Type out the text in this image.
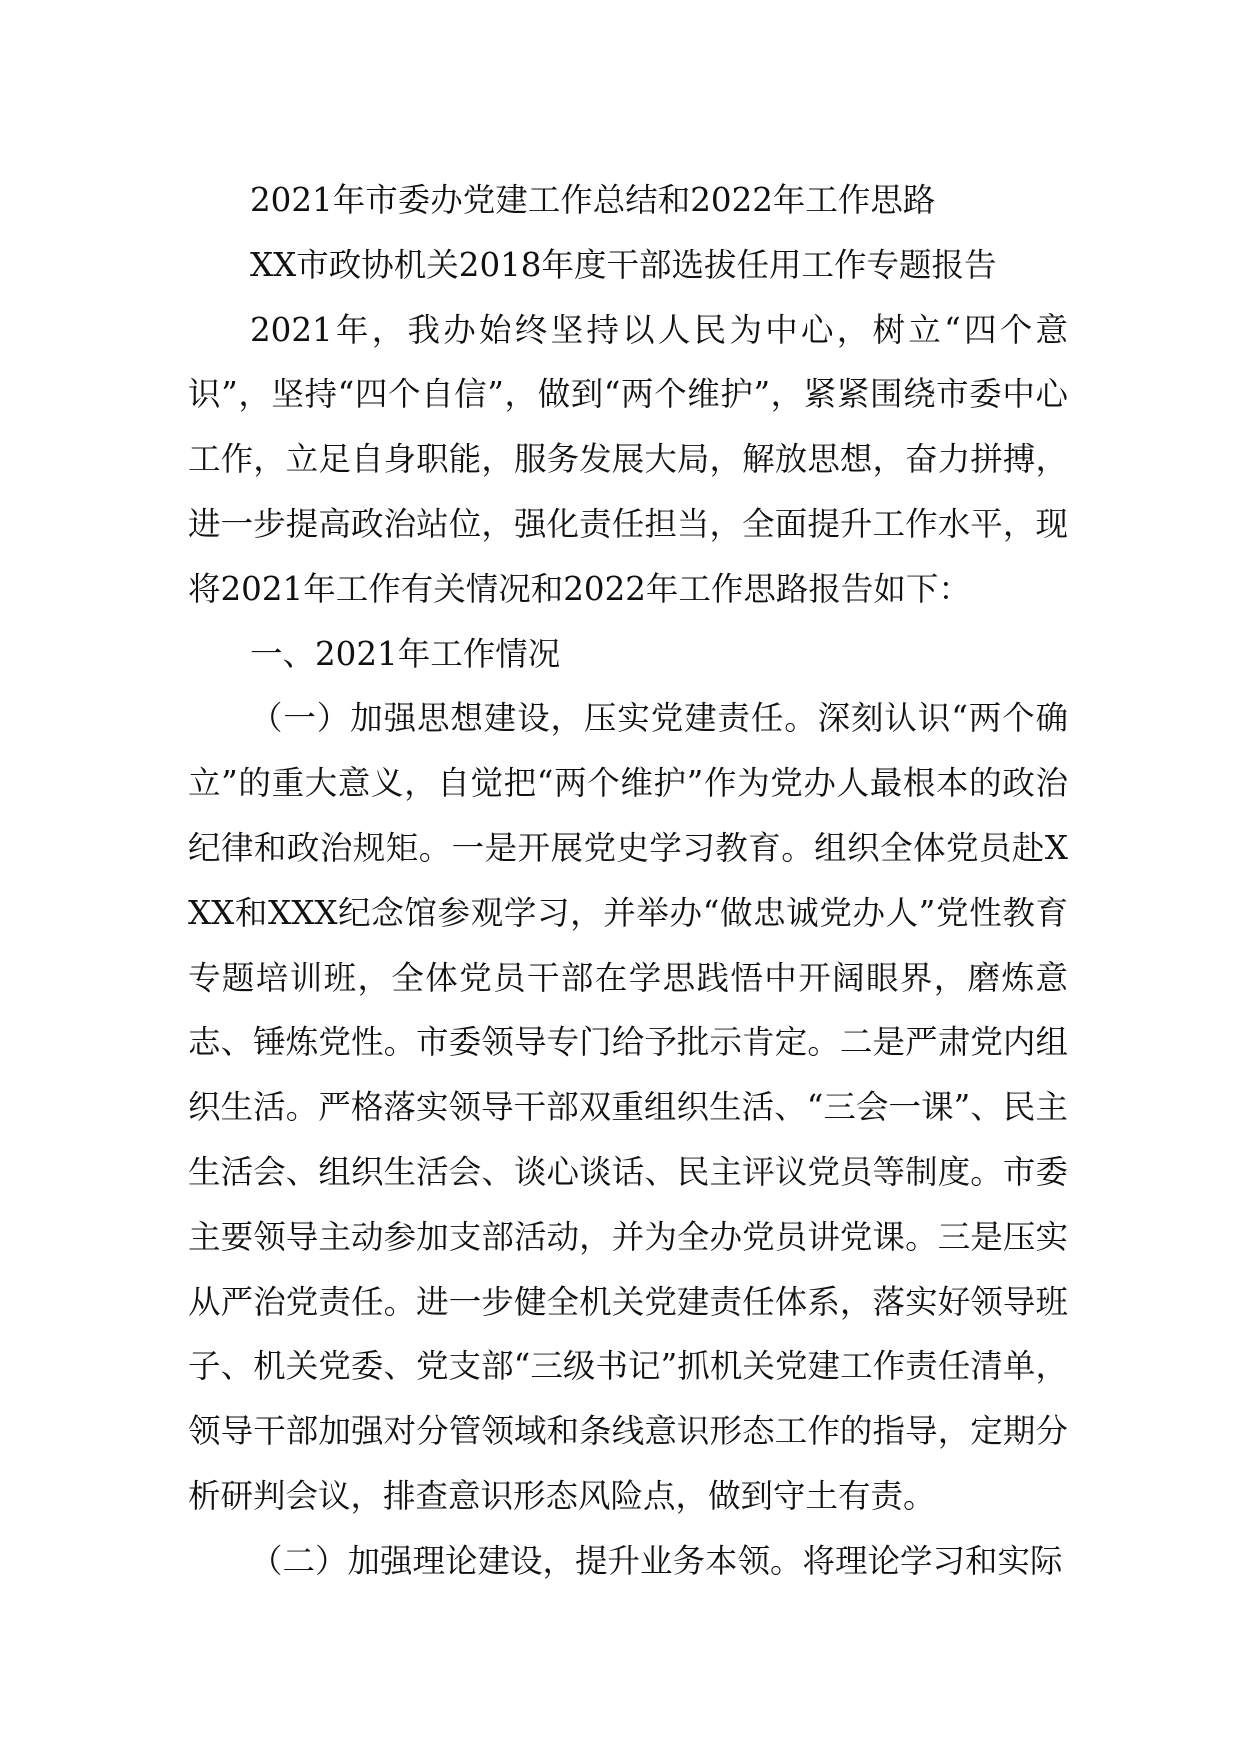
2021年市委办党建工作总结和2022年工作思路

XX市政协机关2018年度干部选拔任用工作专题报告

2021年，我办始终坚持以人民为中心，树立“四个意识”，坚持“四个自信”，做到“两个维护”，紧紧围绕市委中心工作，立足自身职能，服务发展大局，解放思想，奋力拼搏，进一步提高政治站位，强化责任担当，全面提升工作水平，现将2021年工作有关情况和2022年工作思路报告如下：

一、2021年工作情况

（一）加强思想建设，压实党建责任。深刻认识“两个确立”的重大意义，自觉把“两个维护”作为党办人最根本的政治纪律和政治规矩。一是开展党史学习教育。组织全体党员赴XXX和XXX纪念馆参观学习，并举办“做忠诚党办人”党性教育专题培训班，全体党员干部在学思践悟中开阔眼界，磨炼意志、锤炼党性。市委领导专门给予批示肯定。二是严肃党内组织生活。严格落实领导干部双重组织生活、“三会一课”、民主生活会、组织生活会、谈心谈话、民主评议党员等制度。市委主要领导主动参加支部活动，并为全办党员讲党课。三是压实从严治党责任。进一步健全机关党建责任体系，落实好领导班子、机关党委、党支部“三级书记”抓机关党建工作责任清单，领导干部加强对分管领域和条线意识形态工作的指导，定期分析研判会议，排查意识形态风险点，做到守土有责。

（二）加强理论建设，提升业务本领。将理论学习和实际
